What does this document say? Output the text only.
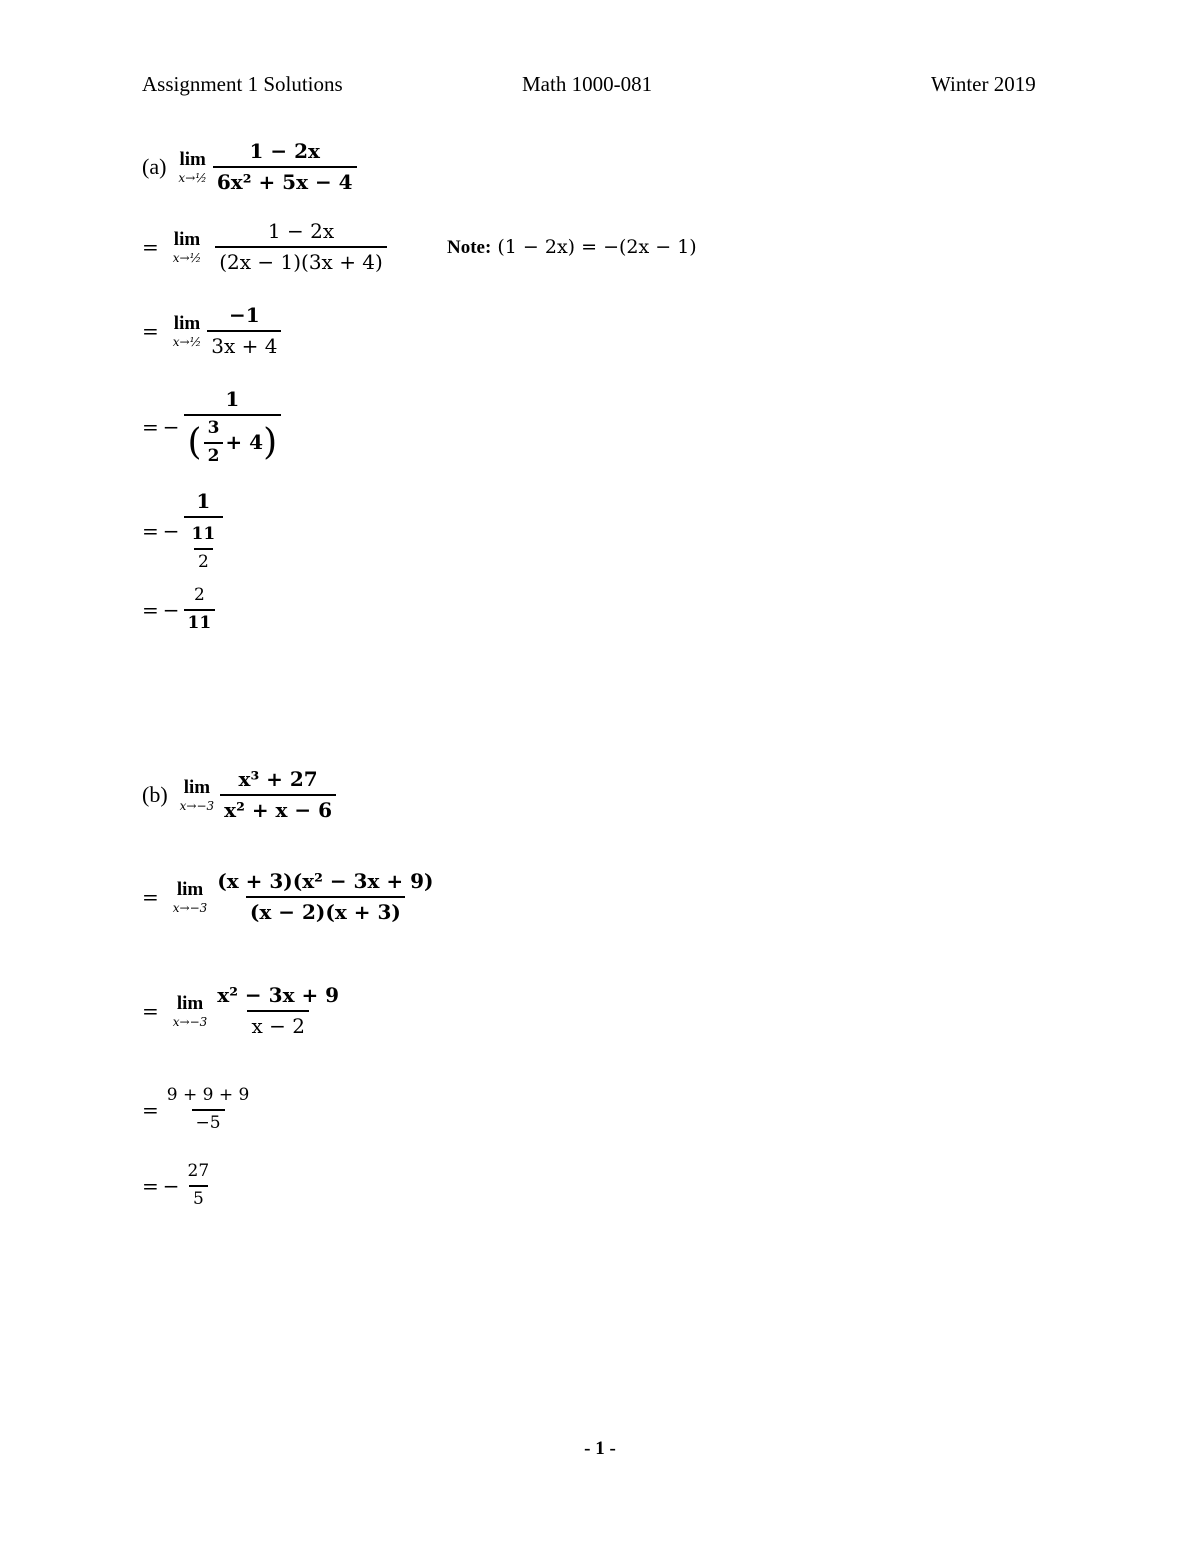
Assignment 1 Solutions	Math 1000-081	Winter 2019
(a) lim
x→½ $\frac{1 - 2x}{\text{6x² + 5x − 4}}$
= lim
x→½ $\frac{1 - 2x}{(2x - 1)(3x + 4)}$	Note: (1 − 2x) = −(2x − 1)
= lim
x→½ $\frac{-1}{3x + 4}$
= − $\frac{1}{( \frac{3}{2} + 4 )}$
= − $\frac{1}{\frac{11}{2}}$
= − $\frac{2}{11}$
(b) lim
$x\to-3 \frac{\text{x³ + 27}}{\text{x² + x − 6}}$
= lim
$x\to-3 \frac{\text{(x + 3)(x² − 3x + 9)}}{(x - 2)(x + 3)}$
= lim
$x\to-3 \frac{\text{x² − 3x + 9}}{x - 2}$
= $\frac{9 + 9 + 9}{-5}$
= − $\frac{27}{5}$
- 1 -
